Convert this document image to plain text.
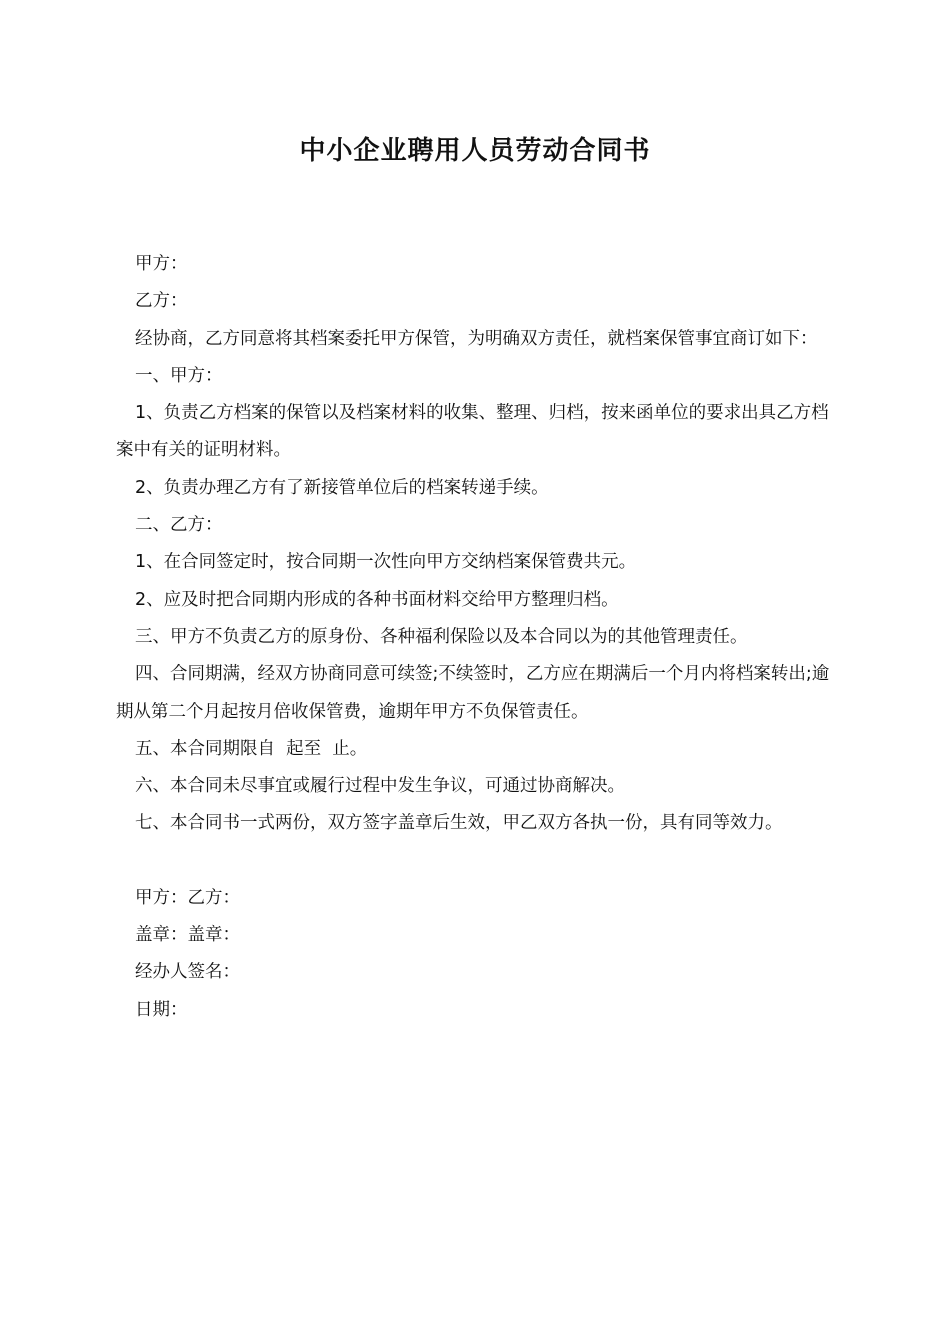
中小企业聘用人员劳动合同书

甲方：

乙方：

经协商，乙方同意将其档案委托甲方保管，为明确双方责任，就档案保管事宜商订如下：

一、甲方：

1、负责乙方档案的保管以及档案材料的收集、整理、归档，按来函单位的要求出具乙方档案中有关的证明材料。

2、负责办理乙方有了新接管单位后的档案转递手续。

二、乙方：

1、在合同签定时，按合同期一次性向甲方交纳档案保管费共元。

2、应及时把合同期内形成的各种书面材料交给甲方整理归档。

三、甲方不负责乙方的原身份、各种福利保险以及本合同以为的其他管理责任。

四、合同期满，经双方协商同意可续签;不续签时，乙方应在期满后一个月内将档案转出;逾期从第二个月起按月倍收保管费，逾期年甲方不负保管责任。

五、本合同期限自  起至  止。

六、本合同未尽事宜或履行过程中发生争议，可通过协商解决。

七、本合同书一式两份，双方签字盖章后生效，甲乙双方各执一份，具有同等效力。

甲方：乙方：

盖章：盖章：

经办人签名：

日期：
